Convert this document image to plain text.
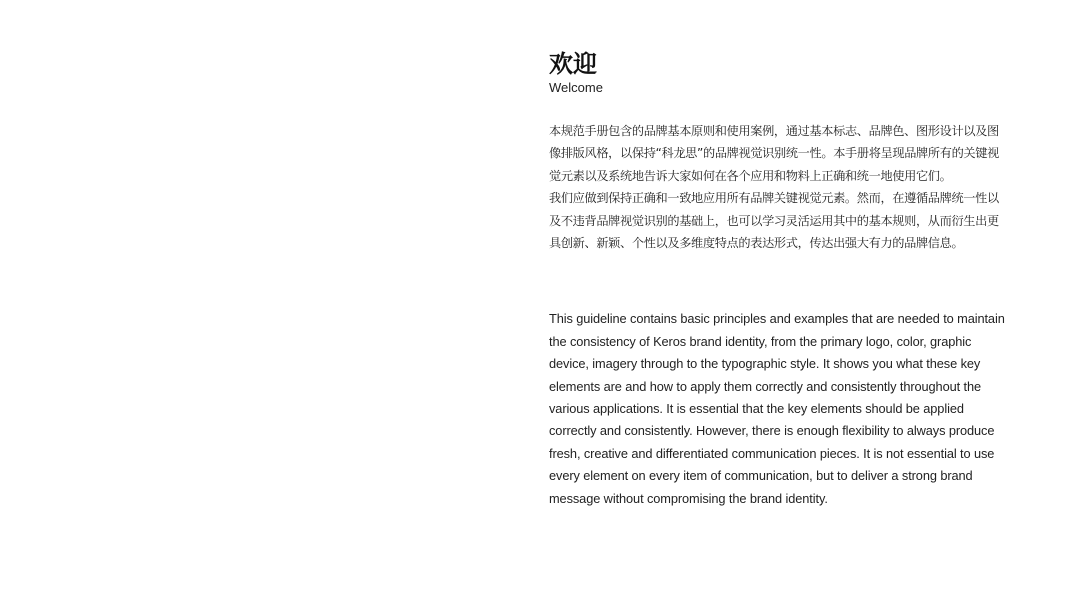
欢迎
Welcome

本规范手册包含的品牌基本原则和使用案例，通过基本标志、品牌色、图形设计以及图像排版风格，以保持“科龙思”的品牌视觉识别统一性。本手册将呈现品牌所有的关键视觉元素以及系统地告诉大家如何在各个应用和物料上正确和统一地使用它们。

我们应做到保持正确和一致地应用所有品牌关键视觉元素。然而，在遵循品牌统一性以及不违背品牌视觉识别的基础上，也可以学习灵活运用其中的基本规则，从而衍生出更具创新、新颖、个性以及多维度特点的表达形式，传达出强大有力的品牌信息。

This guideline contains basic principles and examples that are needed to maintain the consistency of Keros brand identity, from the primary logo, color, graphic device, imagery through to the typographic style. It shows you what these key elements are and how to apply them correctly and consistently throughout the various applications. It is essential that the key elements should be applied correctly and consistently. However, there is enough flexibility to always produce fresh, creative and differentiated communication pieces. It is not essential to use every element on every item of communication, but to deliver a strong brand message without compromising the brand identity.
